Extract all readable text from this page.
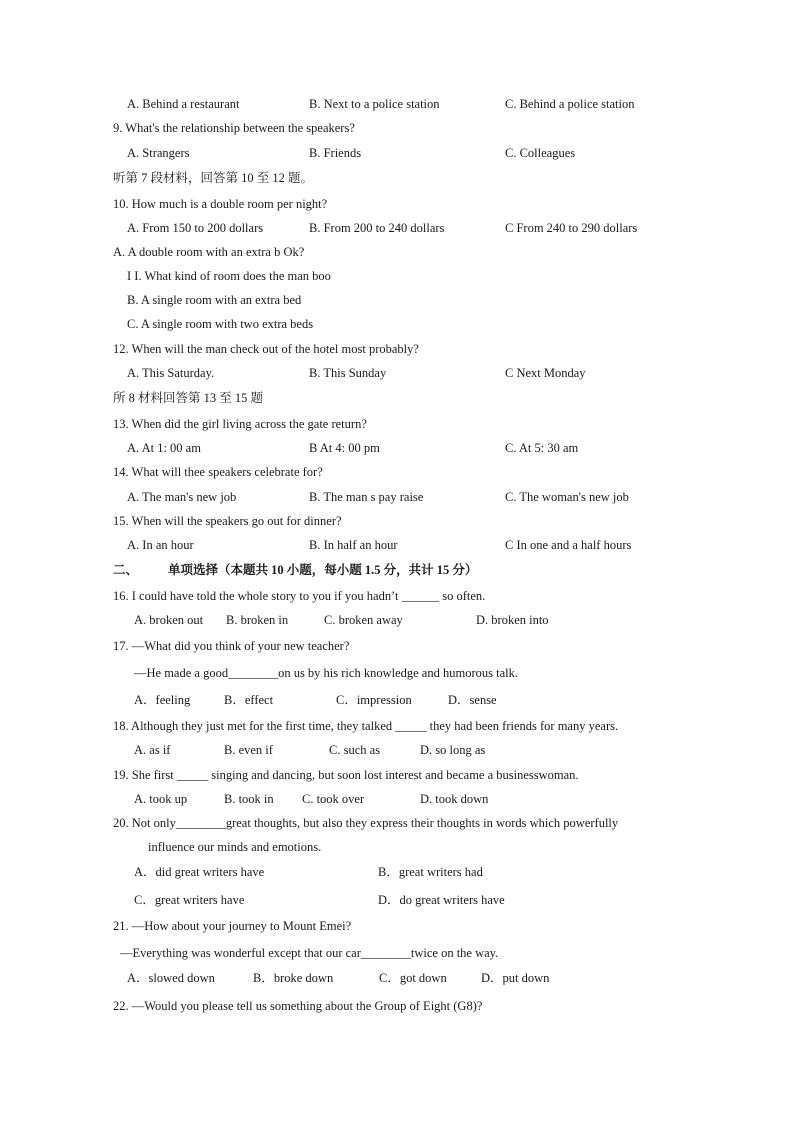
A. Behind a restaurant	B. Next to a police station	C. Behind a police station
9. What's the relationship between the speakers?
A. Strangers	B. Friends	C. Colleagues
听第 7 段材料，回答第 10 至 12 题。
10. How much is a double room per night?
A. From 150 to 200 dollars	B. From 200 to 240 dollars	C From 240 to 290 dollars
A. A double room with an extra b Ok?
I I. What kind of room does the man boo
B. A single room with an extra bed
C. A single room with two extra beds
12. When will the man check out of the hotel most probably?
A. This Saturday.	B. This Sunday	C Next Monday
所 8 材料回答第 13 至 15 题
13. When did the girl living across the gate return?
A. At 1: 00 am	B At 4: 00 pm	C. At 5: 30 am
14. What will thee speakers celebrate for?
A. The man's new job	B. The man s pay raise	C. The woman's new job
15. When will the speakers go out for dinner?
A. In an hour	B. In half an hour	C In one and a half hours
二、 单项选择（本题共 10 小题，每小题 1.5 分，共计 15 分）
16. I could have told the whole story to you if you hadn’t ______ so often.
A. broken out B. broken in	C. broken away	D. broken into
17. —What did you think of your new teacher?
—He made a good________on us by his rich knowledge and humorous talk.
A．feeling	B．effect	C．impression	D．sense
18. Although they just met for the first time, they talked _____ they had been friends for many years.
A. as if	B. even if	C. such as	D. so long as
19. She first _____ singing and dancing, but soon lost interest and became a businesswoman.
A. took up	B. took in C. took over	D. took down
20. Not only________great thoughts, but also they express their thoughts in words which powerfully
influence our minds and emotions.
A．did great writers have	B．great writers had
C．great writers have	D．do great writers have
21. —How about your journey to Mount Emei?
—Everything was wonderful except that our car________twice on the way.
A．slowed down	B．broke down	C．got down	D．put down
22. —Would you please tell us something about the Group of Eight (G8)?
